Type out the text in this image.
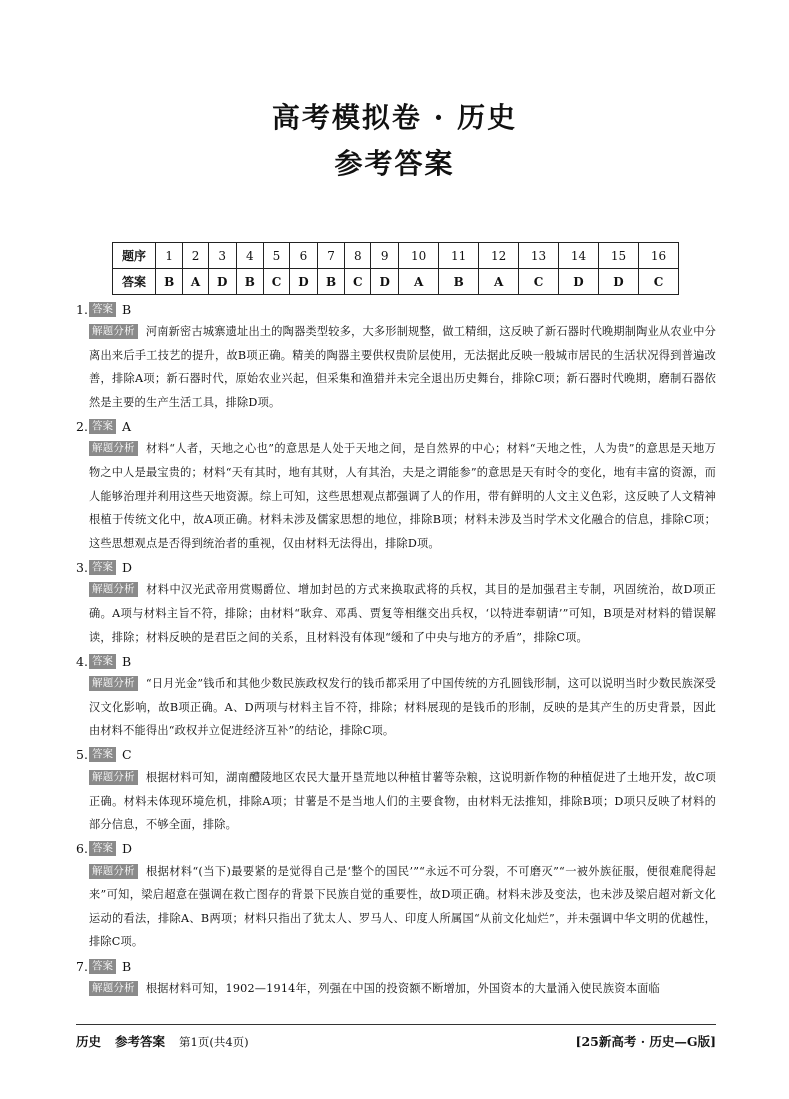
高考模拟卷 · 历史
参考答案
题序	1	2	3	4	5	6	7	8	9	10	11	12	13	14	15	16
答案	B	A	D	B	C	D	B	C	D	A	B	A	C	D	D	C
1. 答案 B
解题分析 河南新密古城寨遗址出土的陶器类型较多，大多形制规整，做工精细，这反映了新石器时代晚期制陶业从农业中分离出来后手工技艺的提升，故B项正确。精美的陶器主要供权贵阶层使用，无法据此反映一般城市居民的生活状况得到普遍改善，排除A项；新石器时代，原始农业兴起，但采集和渔猎并未完全退出历史舞台，排除C项；新石器时代晚期，磨制石器依然是主要的生产生活工具，排除D项。
2. 答案 A
解题分析 材料“人者，天地之心也”的意思是人处于天地之间，是自然界的中心；材料“天地之性，人为贵”的意思是天地万物之中人是最宝贵的；材料“天有其时，地有其财，人有其治，夫是之谓能参”的意思是天有时令的变化，地有丰富的资源，而人能够治理并利用这些天地资源。综上可知，这些思想观点都强调了人的作用，带有鲜明的人文主义色彩，这反映了人文精神根植于传统文化中，故A项正确。材料未涉及儒家思想的地位，排除B项；材料未涉及当时学术文化融合的信息，排除C项；这些思想观点是否得到统治者的重视，仅由材料无法得出，排除D项。
3. 答案 D
解题分析 材料中汉光武帝用赏赐爵位、增加封邑的方式来换取武将的兵权，其目的是加强君主专制，巩固统治，故D项正确。A项与材料主旨不符，排除；由材料“耿弇、邓禹、贾复等相继交出兵权，‘以特进奉朝请’”可知，B项是对材料的错误解读，排除；材料反映的是君臣之间的关系，且材料没有体现“缓和了中央与地方的矛盾”，排除C项。
4. 答案 B
解题分析 “日月光金”钱币和其他少数民族政权发行的钱币都采用了中国传统的方孔圆钱形制，这可以说明当时少数民族深受汉文化影响，故B项正确。A、D两项与材料主旨不符，排除；材料展现的是钱币的形制，反映的是其产生的历史背景，因此由材料不能得出“政权并立促进经济互补”的结论，排除C项。
5. 答案 C
解题分析 根据材料可知，湖南醴陵地区农民大量开垦荒地以种植甘薯等杂粮，这说明新作物的种植促进了土地开发，故C项正确。材料未体现环境危机，排除A项；甘薯是不是当地人们的主要食物，由材料无法推知，排除B项；D项只反映了材料的部分信息，不够全面，排除。
6. 答案 D
解题分析 根据材料“(当下)最要紧的是觉得自己是‘整个的国民’”“永远不可分裂，不可磨灭”“一被外族征服，便很难爬得起来”可知，梁启超意在强调在救亡图存的背景下民族自觉的重要性，故D项正确。材料未涉及变法，也未涉及梁启超对新文化运动的看法，排除A、B两项；材料只指出了犹太人、罗马人、印度人所属国“从前文化灿烂”，并未强调中华文明的优越性，排除C项。
7. 答案 B
解题分析 根据材料可知，1902—1914年，列强在中国的投资额不断增加，外国资本的大量涌入使民族资本面临
历史 参考答案 第1页(共4页)	[25新高考 · 历史—G版]
